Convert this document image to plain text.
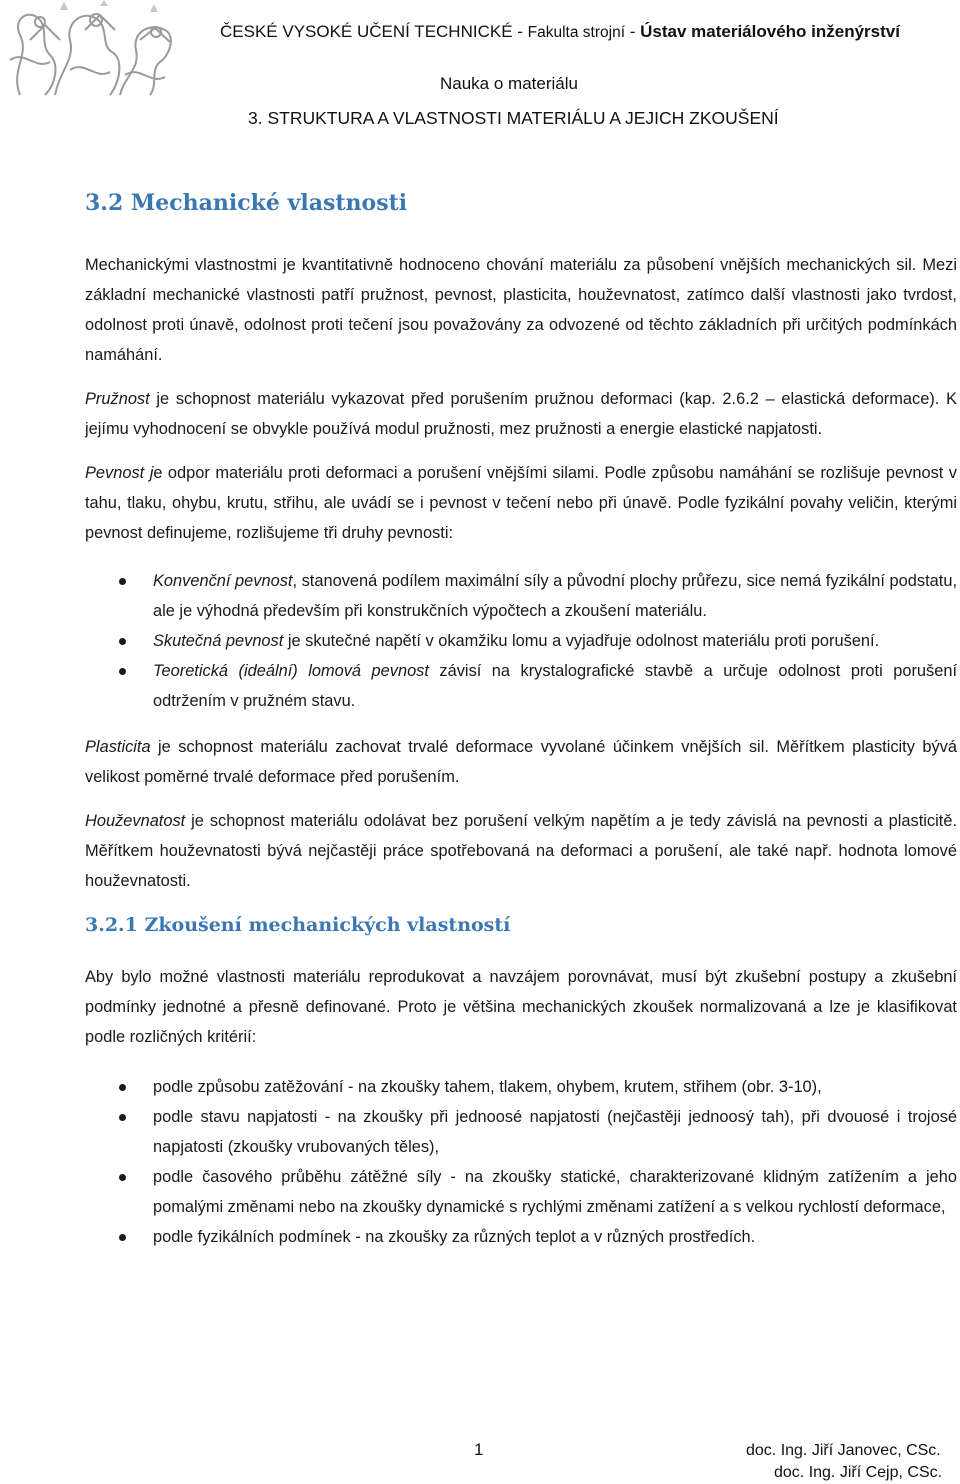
ČESKÉ VYSOKÉ UČENÍ TECHNICKÉ - Fakulta strojní - Ústav materiálového inženýrství
Nauka o materiálu
3. STRUKTURA A VLASTNOSTI MATERIÁLU A JEJICH ZKOUŠENÍ
3.2 Mechanické vlastnosti

Mechanickými vlastnostmi je kvantitativně hodnoceno chování materiálu za působení vnějších mechanických sil. Mezi základní mechanické vlastnosti patří pružnost, pevnost, plasticita, houževnatost, zatímco další vlastnosti jako tvrdost, odolnost proti únavě, odolnost proti tečení jsou považovány za odvozené od těchto základních při určitých podmínkách namáhání.

Pružnost je schopnost materiálu vykazovat před porušením pružnou deformaci (kap. 2.6.2 – elastická deformace). K jejímu vyhodnocení se obvykle používá modul pružnosti, mez pružnosti a energie elastické napjatosti.

Pevnost je odpor materiálu proti deformaci a porušení vnějšími silami. Podle způsobu namáhání se rozlišuje pevnost v tahu, tlaku, ohybu, krutu, střihu, ale uvádí se i pevnost v tečení nebo při únavě. Podle fyzikální povahy veličin, kterými pevnost definujeme, rozlišujeme tři druhy pevnosti:

Konvenční pevnost, stanovená podílem maximální síly a původní plochy průřezu, sice nemá fyzikální podstatu, ale je výhodná především při konstrukčních výpočtech a zkoušení materiálu.
Skutečná pevnost je skutečné napětí v okamžiku lomu a vyjadřuje odolnost materiálu proti porušení.
Teoretická (ideální) lomová pevnost závisí na krystalografické stavbě a určuje odolnost proti porušení odtržením v pružném stavu.

Plasticita je schopnost materiálu zachovat trvalé deformace vyvolané účinkem vnějších sil. Měřítkem plasticity bývá velikost poměrné trvalé deformace před porušením.

Houževnatost je schopnost materiálu odolávat bez porušení velkým napětím a je tedy závislá na pevnosti a plasticitě. Měřítkem houževnatosti bývá nejčastěji práce spotřebovaná na deformaci a porušení, ale také např. hodnota lomové houževnatosti.

3.2.1 Zkoušení mechanických vlastností

Aby bylo možné vlastnosti materiálu reprodukovat a navzájem porovnávat, musí být zkušební postupy a zkušební podmínky jednotné a přesně definované. Proto je většina mechanických zkoušek normalizovaná a lze je klasifikovat podle rozličných kritérií:

podle způsobu zatěžování - na zkoušky tahem, tlakem, ohybem, krutem, střihem (obr. 3-10),
podle stavu napjatosti - na zkoušky při jednoosé napjatosti (nejčastěji jednoosý tah), při dvouosé i trojosé napjatosti (zkoušky vrubovaných těles),
podle časového průběhu zátěžné síly - na zkoušky statické, charakterizované klidným zatížením a jeho pomalými změnami nebo na zkoušky dynamické s rychlými změnami zatížení a s velkou rychlostí deformace,
podle fyzikálních podmínek - na zkoušky za různých teplot a v různých prostředích.
1	doc. Ing. Jiří Janovec, CSc.
doc. Ing. Jiří Cejp, CSc.
